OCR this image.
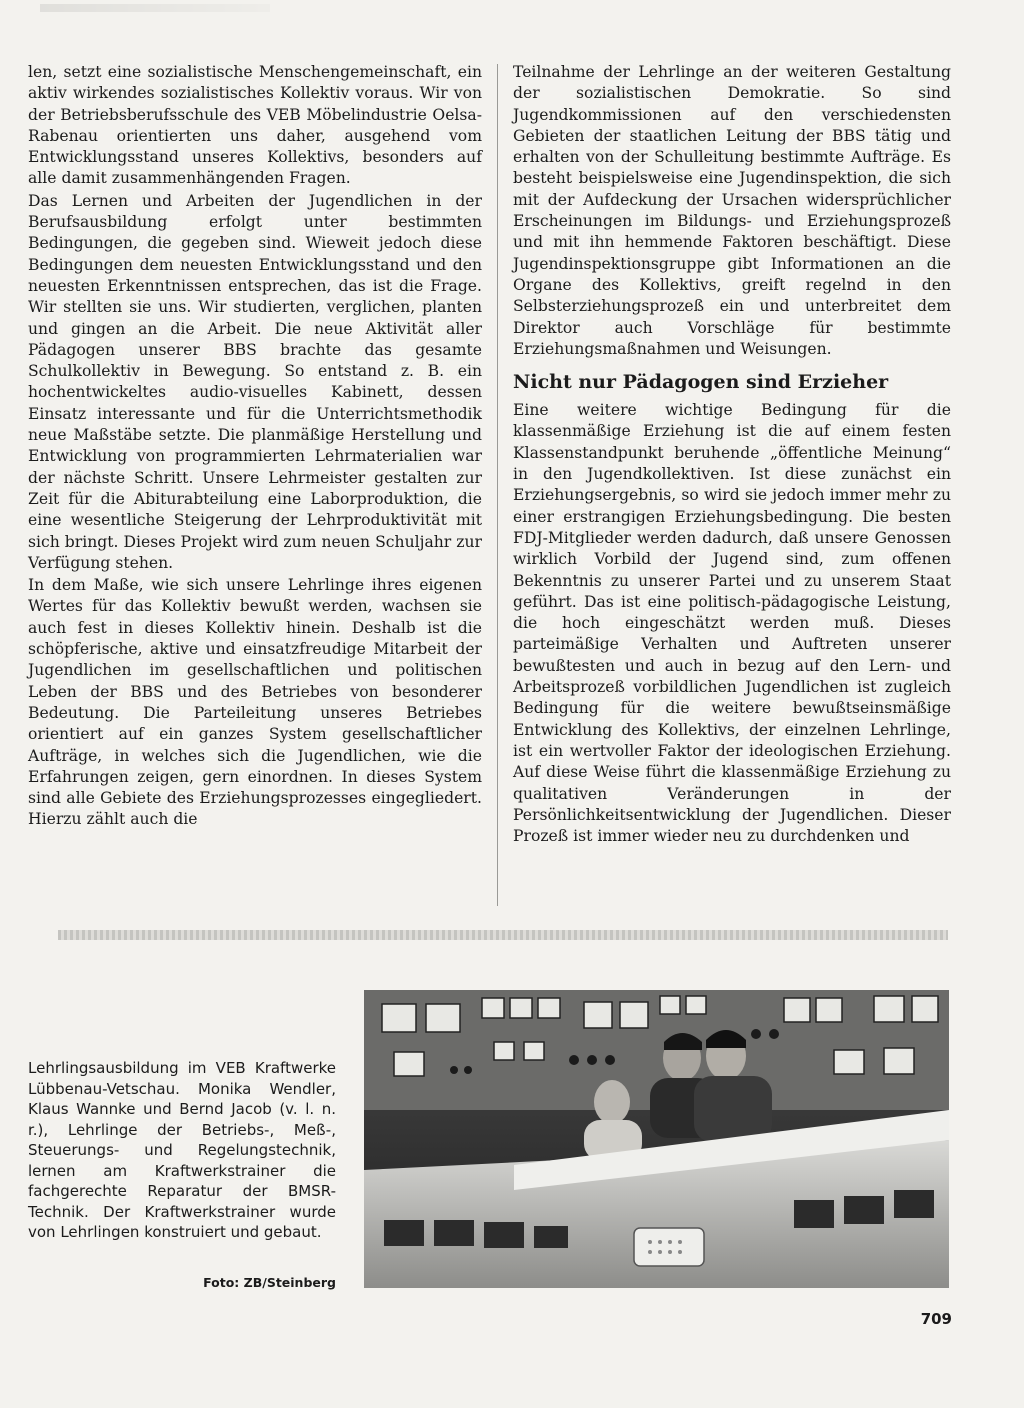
len, setzt eine sozialistische Menschengemeinschaft, ein aktiv wirkendes sozialistisches Kollektiv voraus. Wir von der Betriebsberufsschule des VEB Möbelindustrie Oelsa-Rabenau orientierten uns daher, ausgehend vom Entwicklungsstand unseres Kollektivs, besonders auf alle damit zusammenhängenden Fragen.

Das Lernen und Arbeiten der Jugendlichen in der Berufsausbildung erfolgt unter bestimmten Bedingungen, die gegeben sind. Wieweit jedoch diese Bedingungen dem neuesten Entwicklungsstand und den neuesten Erkenntnissen entsprechen, das ist die Frage. Wir stellten sie uns. Wir studierten, verglichen, planten und gingen an die Arbeit. Die neue Aktivität aller Pädagogen unserer BBS brachte das gesamte Schulkollektiv in Bewegung. So entstand z. B. ein hochentwickeltes audio-visuelles Kabinett, dessen Einsatz interessante und für die Unterrichtsmethodik neue Maßstäbe setzte. Die planmäßige Herstellung und Entwicklung von programmierten Lehrmaterialien war der nächste Schritt. Unsere Lehrmeister gestalten zur Zeit für die Abiturabteilung eine Laborproduktion, die eine wesentliche Steigerung der Lehrproduktivität mit sich bringt. Dieses Projekt wird zum neuen Schuljahr zur Verfügung stehen.

In dem Maße, wie sich unsere Lehrlinge ihres eigenen Wertes für das Kollektiv bewußt werden, wachsen sie auch fest in dieses Kollektiv hinein. Deshalb ist die schöpferische, aktive und einsatzfreudige Mitarbeit der Jugendlichen im gesellschaftlichen und politischen Leben der BBS und des Betriebes von besonderer Bedeutung. Die Parteileitung unseres Betriebes orientiert auf ein ganzes System gesellschaftlicher Aufträge, in welches sich die Jugendlichen, wie die Erfahrungen zeigen, gern einordnen. In dieses System sind alle Gebiete des Erziehungsprozesses eingegliedert. Hierzu zählt auch die

Teilnahme der Lehrlinge an der weiteren Gestaltung der sozialistischen Demokratie. So sind Jugendkommissionen auf den verschiedensten Gebieten der staatlichen Leitung der BBS tätig und erhalten von der Schulleitung bestimmte Aufträge. Es besteht beispielsweise eine Jugendinspektion, die sich mit der Aufdeckung der Ursachen widersprüchlicher Erscheinungen im Bildungs- und Erziehungsprozeß und mit ihn hemmende Faktoren beschäftigt. Diese Jugendinspektionsgruppe gibt Informationen an die Organe des Kollektivs, greift regelnd in den Selbsterziehungsprozeß ein und unterbreitet dem Direktor auch Vorschläge für bestimmte Erziehungsmaßnahmen und Weisungen.

Nicht nur Pädagogen sind Erzieher

Eine weitere wichtige Bedingung für die klassenmäßige Erziehung ist die auf einem festen Klassenstandpunkt beruhende „öffentliche Meinung“ in den Jugendkollektiven. Ist diese zunächst ein Erziehungsergebnis, so wird sie jedoch immer mehr zu einer erstrangigen Erziehungsbedingung. Die besten FDJ-Mitglieder werden dadurch, daß unsere Genossen wirklich Vorbild der Jugend sind, zum offenen Bekenntnis zu unserer Partei und zu unserem Staat geführt. Das ist eine politisch-pädagogische Leistung, die hoch eingeschätzt werden muß. Dieses parteimäßige Verhalten und Auftreten unserer bewußtesten und auch in bezug auf den Lern- und Arbeitsprozeß vorbildlichen Jugendlichen ist zugleich Bedingung für die weitere bewußtseinsmäßige Entwicklung des Kollektivs, der einzelnen Lehrlinge, ist ein wertvoller Faktor der ideologischen Erziehung. Auf diese Weise führt die klassenmäßige Erziehung zu qualitativen Veränderungen in der Persönlichkeitsentwicklung der Jugendlichen. Dieser Prozeß ist immer wieder neu zu durchdenken und

Lehrlingsausbildung im VEB Kraftwerke Lübbenau-Vetschau. Monika Wendler, Klaus Wannke und Bernd Jacob (v. l. n. r.), Lehrlinge der Betriebs-, Meß-, Steuerungs- und Regelungstechnik, lernen am Kraftwerkstrainer die fachgerechte Reparatur der BMSR-Technik. Der Kraftwerkstrainer wurde von Lehrlingen konstruiert und gebaut.
Foto: ZB/Steinberg
709
